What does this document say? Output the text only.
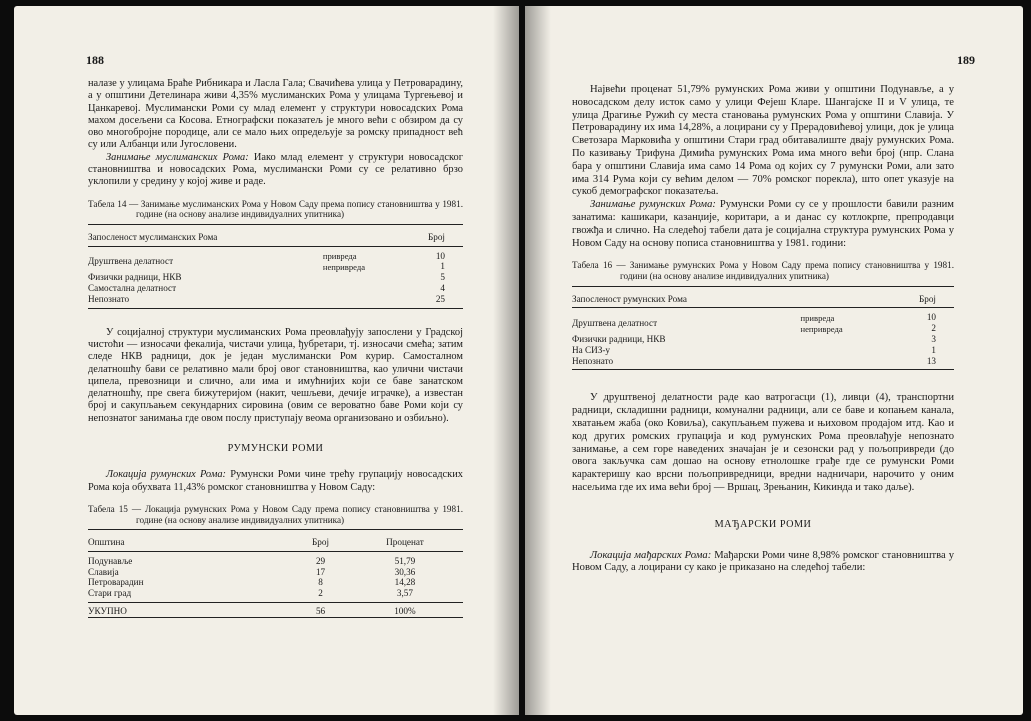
188

налазе у улицама Браће Рибникара и Ласла Гала; Свачићева улица у Петроварадину, а у општини Детелинара живи 4,35% муслиманских Рома у улицама Тургењевој и Цанкаревој. Муслимански Роми су млад елемент у структури новосадских Рома махом досељени са Косова. Етнографски показатељ је много већи с обзиром да су ово многобројне породице, али се мало њих опредељује за ромску припадност већ су или Албанци или Југословени.

Занимање муслиманских Рома: Иако млад елемент у структури новосадског становништва и новосадских Рома, муслимански Роми су се релативно брзо уклопили у средину у којој живе и раде.

Табела 14 — Занимање муслиманских Рома у Новом Саду према попису становништва у 1981. године (на основу анализе индивидуалних упитника)

Запосленост муслиманских Рома		Број
Друштвена делатност	привреда	10
	непривреда	1
Физички радници, НКВ		5
Самостална делатност		4
Непознато		25

У социјалној структури муслиманских Рома преовлађују запослени у Градској чистоћи — износачи фекалија, чистачи улица, ђубретари, тј. износачи смећа; затим следе НКВ радници, док је један муслимански Ром курир. Самосталном делатношћу бави се релативно мали број овог становништва, као улични чистачи ципела, превозници и слично, али има и имућнијих који се баве занатском делатношћу, пре свега бижутеријом (накит, чешљеви, дечије играчке), а известан број и сакупљањем секундарних сировина (овим се вероватно баве Роми који су непознатог занимања где овом послу приступају веома организовано и озбиљно).

РУМУНСКИ РОМИ

Локација румунских Рома: Румунски Роми чине трећу групацију новосадских Рома која обухвата 11,43% ромског становништва у Новом Саду:

Табела 15 — Локација румунских Рома у Новом Саду према попису становништва у 1981. године (на основу анализе индивидуалних упитника)

Општина	Број	Проценат
Подунавље	29	51,79
Славија	17	30,36
Петроварадин	8	14,28
Стари град	2	3,57
УКУПНО	56	100%
189

Највећи проценат 51,79% румунских Рома живи у општини Подунавље, а у новосадском делу исток само у улици Фејеш Кларе. Шангајске II и V улица, те улица Драгиње Ружић су места становања румунских Рома у општини Славија. У Петроварадину их има 14,28%, а лоцирани су у Прерадовићевој улици, док је улица Светозара Марковића у општини Стари град обитавалиште двају румунских Рома. По казивању Трифуна Димића румунских Рома има много већи број (нпр. Слана бара у општини Славија има само 14 Рома од којих су 7 румунски Роми, али зато има 314 Рума који су већим делом — 70% ромског порекла), што опет указује на сукоб демографског показатеља.

Занимање румунских Рома: Румунски Роми су се у прошлости бавили разним занатима: кашикари, казанџије, коритари, а и данас су котлокрпе, препродавци гвожђа и слично. На следећој табели дата је социјална структура румунских Рома у Новом Саду на основу пописа становништва у 1981. години:

Табела 16 — Занимање румунских Рома у Новом Саду према попису становништва у 1981. години (на основу анализе индивидуалних упитника)

Запосленост румунских Рома		Број
Друштвена делатност	привреда	10
	непривреда	2
Физички радници, НКВ		3
На СИЗ-у		1
Непознато		13

У друштвеној делатности раде као ватрогасци (1), ливци (4), транспортни радници, складишни радници, комунални радници, али се баве и копањем канала, хватањем жаба (око Ковиља), сакупљањем пужева и њиховом продајом итд. Као и код других ромских групација и код румунских Рома преовлађује непознато занимање, а сем горе наведених значајан је и сезонски рад у пољопривреди (до овога закључка сам дошао на основу етнолошке грађе где се румунски Роми карактеришу као врсни пољопривредници, вредни надничари, нарочито у оним насељима где их има већи број — Вршац, Зрењанин, Кикинда и тако даље).

МАЂАРСКИ РОМИ

Локација мађарских Рома: Мађарски Роми чине 8,98% ромског становништва у Новом Саду, а лоцирани су како је приказано на следећој табели:
